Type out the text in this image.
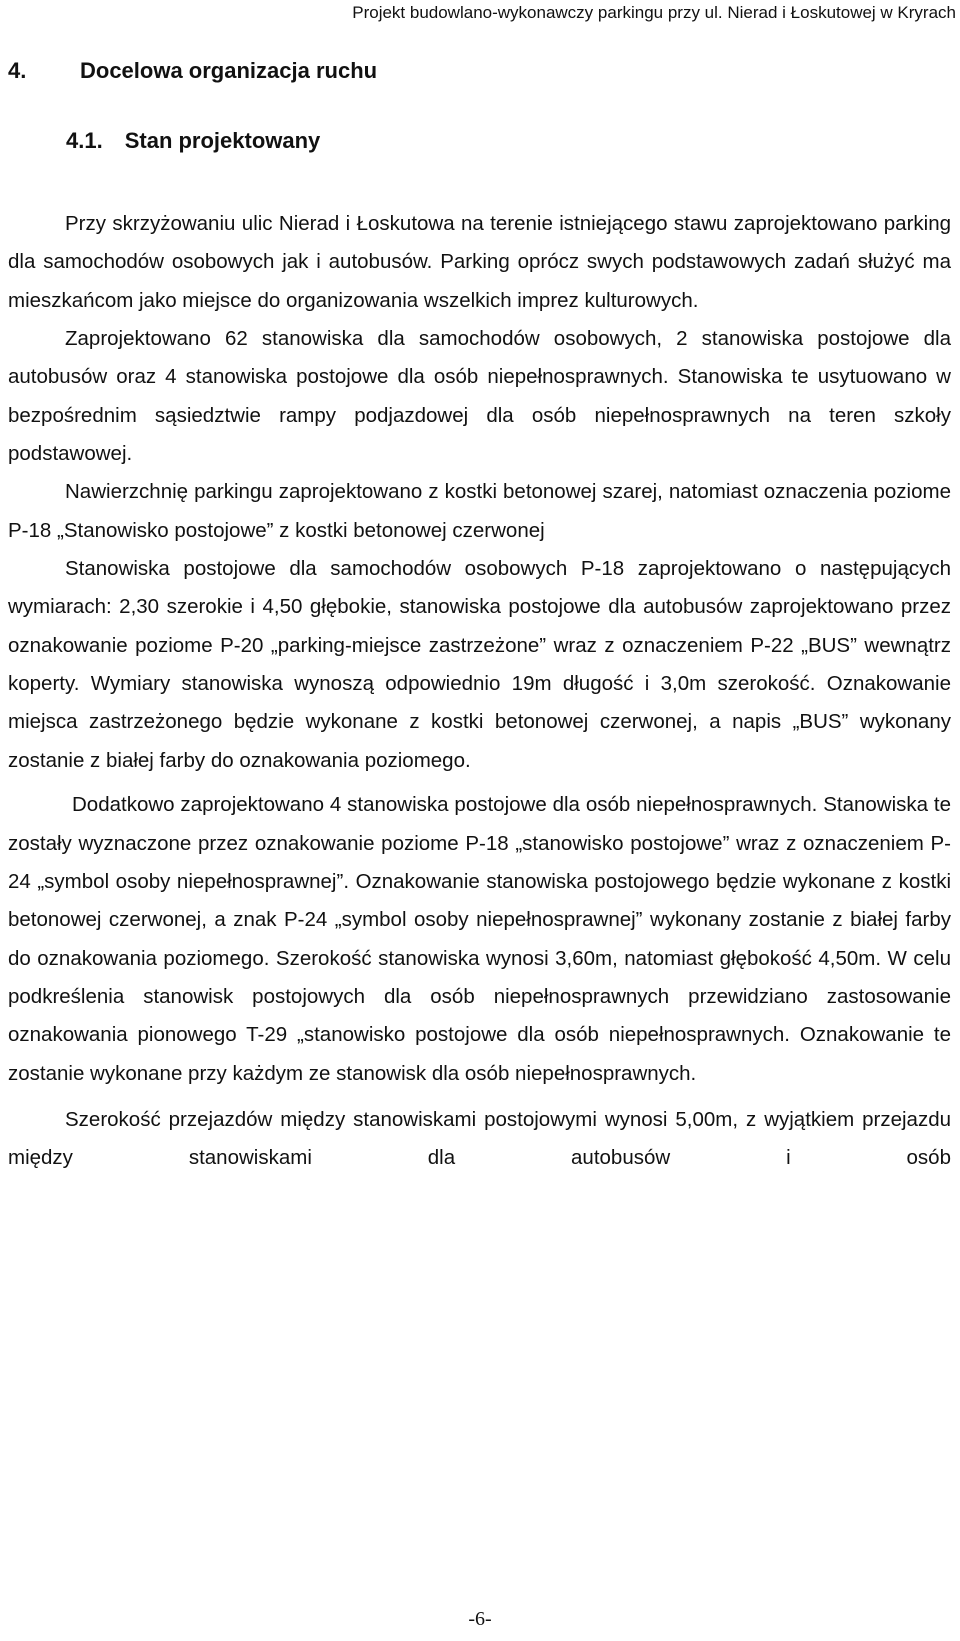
Projekt budowlano-wykonawczy parkingu przy ul. Nierad i Łoskutowej w Kryrach
4. Docelowa organizacja ruchu
4.1. Stan projektowany

Przy skrzyżowaniu ulic Nierad i Łoskutowa na terenie istniejącego stawu zaprojektowano parking dla samochodów osobowych jak i autobusów. Parking oprócz swych podstawowych zadań służyć ma mieszkańcom jako miejsce do organizowania wszelkich imprez kulturowych.

Zaprojektowano 62 stanowiska dla samochodów osobowych, 2 stanowiska postojowe dla autobusów oraz 4 stanowiska postojowe dla osób niepełnosprawnych. Stanowiska te usytuowano w bezpośrednim sąsiedztwie rampy podjazdowej dla osób niepełnosprawnych na teren szkoły podstawowej.

Nawierzchnię parkingu zaprojektowano z kostki betonowej szarej, natomiast oznaczenia poziome P-18 „Stanowisko postojowe” z kostki betonowej czerwonej

Stanowiska postojowe dla samochodów osobowych P-18 zaprojektowano o następujących wymiarach: 2,30 szerokie i 4,50 głębokie, stanowiska postojowe dla autobusów zaprojektowano przez oznakowanie poziome P-20 „parking-miejsce zastrzeżone” wraz z oznaczeniem P-22 „BUS” wewnątrz koperty. Wymiary stanowiska wynoszą odpowiednio 19m długość i 3,0m szerokość. Oznakowanie miejsca zastrzeżonego będzie wykonane z kostki betonowej czerwonej, a napis „BUS” wykonany zostanie z białej farby do oznakowania poziomego.

Dodatkowo zaprojektowano 4 stanowiska postojowe dla osób niepełnosprawnych. Stanowiska te zostały wyznaczone przez oznakowanie poziome P-18 „stanowisko postojowe” wraz z oznaczeniem P-24 „symbol osoby niepełnosprawnej”. Oznakowanie stanowiska postojowego będzie wykonane z kostki betonowej czerwonej, a znak P-24 „symbol osoby niepełnosprawnej” wykonany zostanie z białej farby do oznakowania poziomego. Szerokość stanowiska wynosi 3,60m, natomiast głębokość 4,50m. W celu podkreślenia stanowisk postojowych dla osób niepełnosprawnych przewidziano zastosowanie oznakowania pionowego T-29 „stanowisko postojowe dla osób niepełnosprawnych. Oznakowanie te zostanie wykonane przy każdym ze stanowisk dla osób niepełnosprawnych.

Szerokość przejazdów między stanowiskami postojowymi wynosi 5,00m, z wyjątkiem przejazdu między stanowiskami dla autobusów i osób

-6-
